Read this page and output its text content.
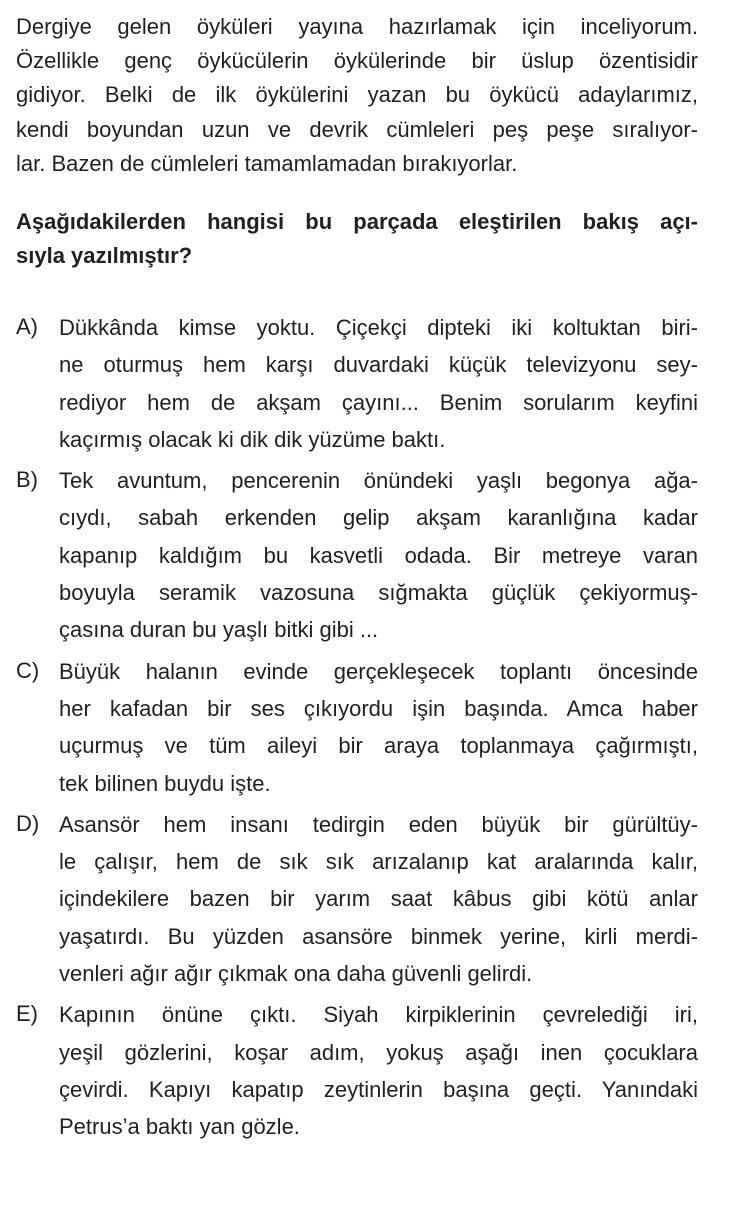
Dergiye gelen öyküleri yayına hazırlamak için inceliyorum.
Özellikle genç öykücülerin öykülerinde bir üslup özentisidir
gidiyor. Belki de ilk öykülerini yazan bu öykücü adaylarımız,
kendi boyundan uzun ve devrik cümleleri peş peşe sıralıyor-
lar. Bazen de cümleleri tamamlamadan bırakıyorlar.
Aşağıdakilerden hangisi bu parçada eleştirilen bakış açı-
sıyla yazılmıştır?
A) Dükkânda kimse yoktu. Çiçekçi dipteki iki koltuktan biri-
ne oturmuş hem karşı duvardaki küçük televizyonu sey-
rediyor hem de akşam çayını... Benim sorularım keyfini
kaçırmış olacak ki dik dik yüzüme baktı.
B) Tek avuntum, pencerenin önündeki yaşlı begonya ağa-
cıydı, sabah erkenden gelip akşam karanlığına kadar
kapanıp kaldığım bu kasvetli odada. Bir metreye varan
boyuyla seramik vazosuna sığmakta güçlük çekiyormuş-
çasına duran bu yaşlı bitki gibi ...
C) Büyük halanın evinde gerçekleşecek toplantı öncesinde
her kafadan bir ses çıkıyordu işin başında. Amca haber
uçurmuş ve tüm aileyi bir araya toplanmaya çağırmıştı,
tek bilinen buydu işte.
D) Asansör hem insanı tedirgin eden büyük bir gürültüy-
le çalışır, hem de sık sık arızalanıp kat aralarında kalır,
içindekilere bazen bir yarım saat kâbus gibi kötü anlar
yaşatırdı. Bu yüzden asansöre binmek yerine, kirli merdi-
venleri ağır ağır çıkmak ona daha güvenli gelirdi.
E) Kapının önüne çıktı. Siyah kirpiklerinin çevrelediği iri,
yeşil gözlerini, koşar adım, yokuş aşağı inen çocuklara
çevirdi. Kapıyı kapatıp zeytinlerin başına geçti. Yanındaki
Petrus’a baktı yan gözle.
